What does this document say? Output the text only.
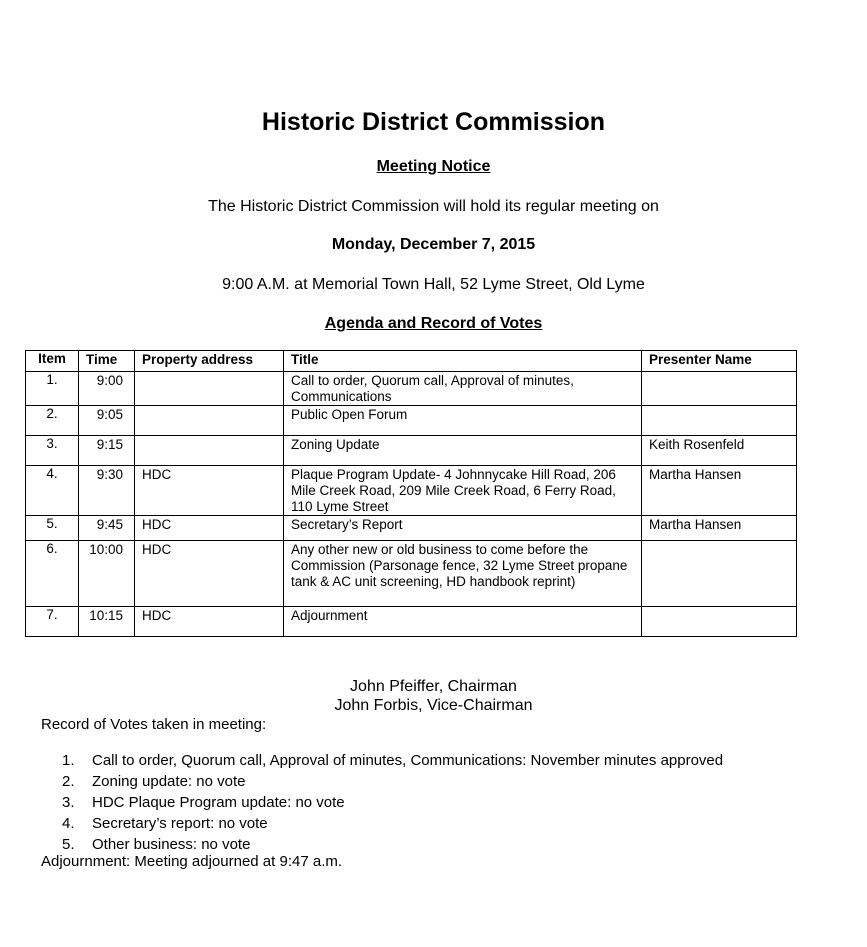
Historic District Commission
Meeting Notice
The Historic District Commission will hold its regular meeting on
Monday, December 7, 2015
9:00 A.M. at Memorial Town Hall, 52 Lyme Street, Old Lyme
Agenda and Record of Votes
Item	Time	Property address	Title	Presenter Name
1.	9:00		Call to order, Quorum call, Approval of minutes, Communications	
2.	9:05		Public Open Forum	
3.	9:15		Zoning Update	Keith Rosenfeld
4.	9:30	HDC	Plaque Program Update- 4 Johnnycake Hill Road, 206 Mile Creek Road, 209 Mile Creek Road, 6 Ferry Road, 110 Lyme Street	Martha Hansen
5.	9:45	HDC	Secretary’s Report	Martha Hansen
6.	10:00	HDC	Any other new or old business to come before the Commission (Parsonage fence, 32 Lyme Street propane tank & AC unit screening, HD handbook reprint)	
7.	10:15	HDC	Adjournment	
John Pfeiffer, Chairman
John Forbis, Vice-Chairman
Record of Votes taken in meeting:
1. Call to order, Quorum call, Approval of minutes, Communications: November minutes approved
2. Zoning update: no vote
3. HDC Plaque Program update: no vote
4. Secretary’s report: no vote
5. Other business: no vote
Adjournment: Meeting adjourned at 9:47 a.m.
